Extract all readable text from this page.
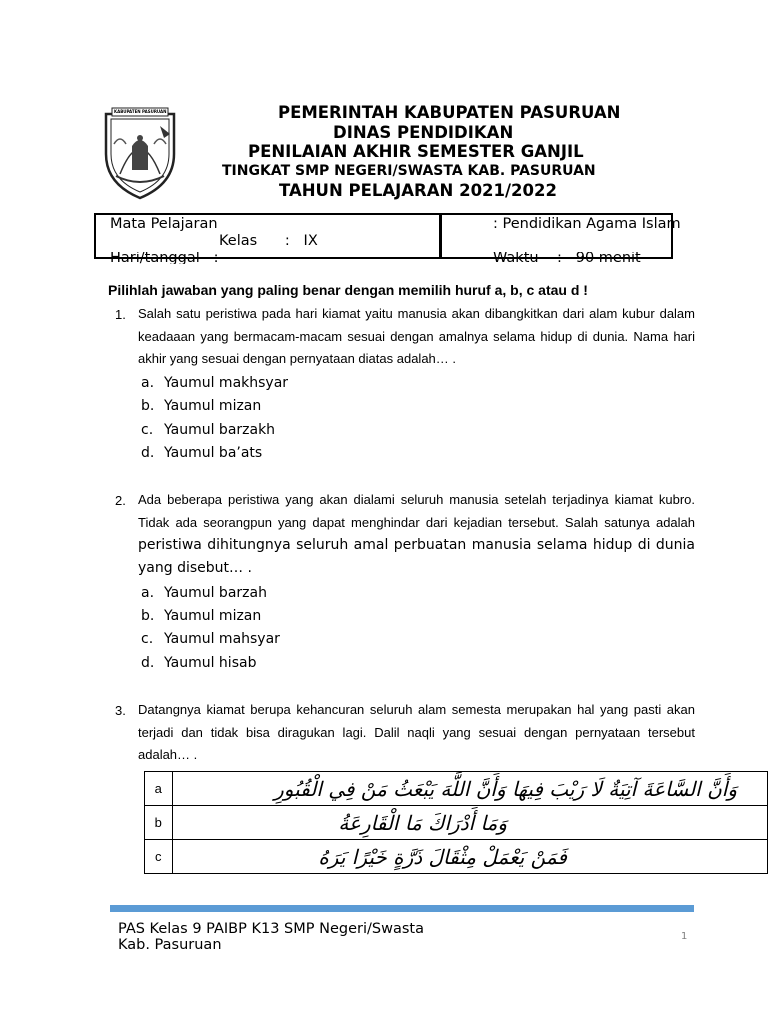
KABUPATEN PASURUAN	PEMERINTAH KABUPATEN PASURUAN
DINAS PENDIDIKAN
PENILAIAN AKHIR SEMESTER GANJIL
TINGKAT SMP NEGERI/SWASTA KAB. PASURUAN
TAHUN PELAJARAN 2021/2022
Mata Pelajaran	: Pendidikan Agama Islam
Kelas      :   IX
Hari/tanggal   :	Waktu    :   90 menit
Pilihlah jawaban yang paling benar dengan memilih huruf a, b, c atau d !
1. Salah satu peristiwa pada hari kiamat yaitu manusia akan dibangkitkan dari alam kubur dalam keadaaan yang bermacam-macam sesuai dengan amalnya selama hidup di dunia. Nama hari akhir yang sesuai dengan pernyataan diatas adalah… .
a. Yaumul makhsyar
b. Yaumul mizan
c. Yaumul barzakh
d. Yaumul ba’ats
2. Ada beberapa peristiwa yang akan dialami seluruh manusia setelah terjadinya kiamat kubro. Tidak ada seorangpun yang dapat menghindar dari kejadian tersebut. Salah satunya adalah peristiwa dihitungnya seluruh amal perbuatan manusia selama hidup di dunia yang disebut… .
a. Yaumul barzah
b. Yaumul mizan
c. Yaumul mahsyar
d. Yaumul hisab
3. Datangnya kiamat berupa kehancuran seluruh alam semesta merupakan hal yang pasti akan terjadi dan tidak bisa diragukan lagi. Dalil naqli yang sesuai dengan pernyataan tersebut adalah… .
a	وَأَنَّ السَّاعَةَ آتِيَةٌ لَا رَيْبَ فِيهَا وَأَنَّ اللَّهَ يَبْعَثُ مَنْ فِي الْقُبُورِ
b	وَمَا أَدْرَاكَ مَا الْقَارِعَةُ
c	فَمَنْ يَعْمَلْ مِثْقَالَ ذَرَّةٍ خَيْرًا يَرَهُ
PAS Kelas 9 PAIBP K13 SMP Negeri/Swasta
Kab. Pasuruan
1
